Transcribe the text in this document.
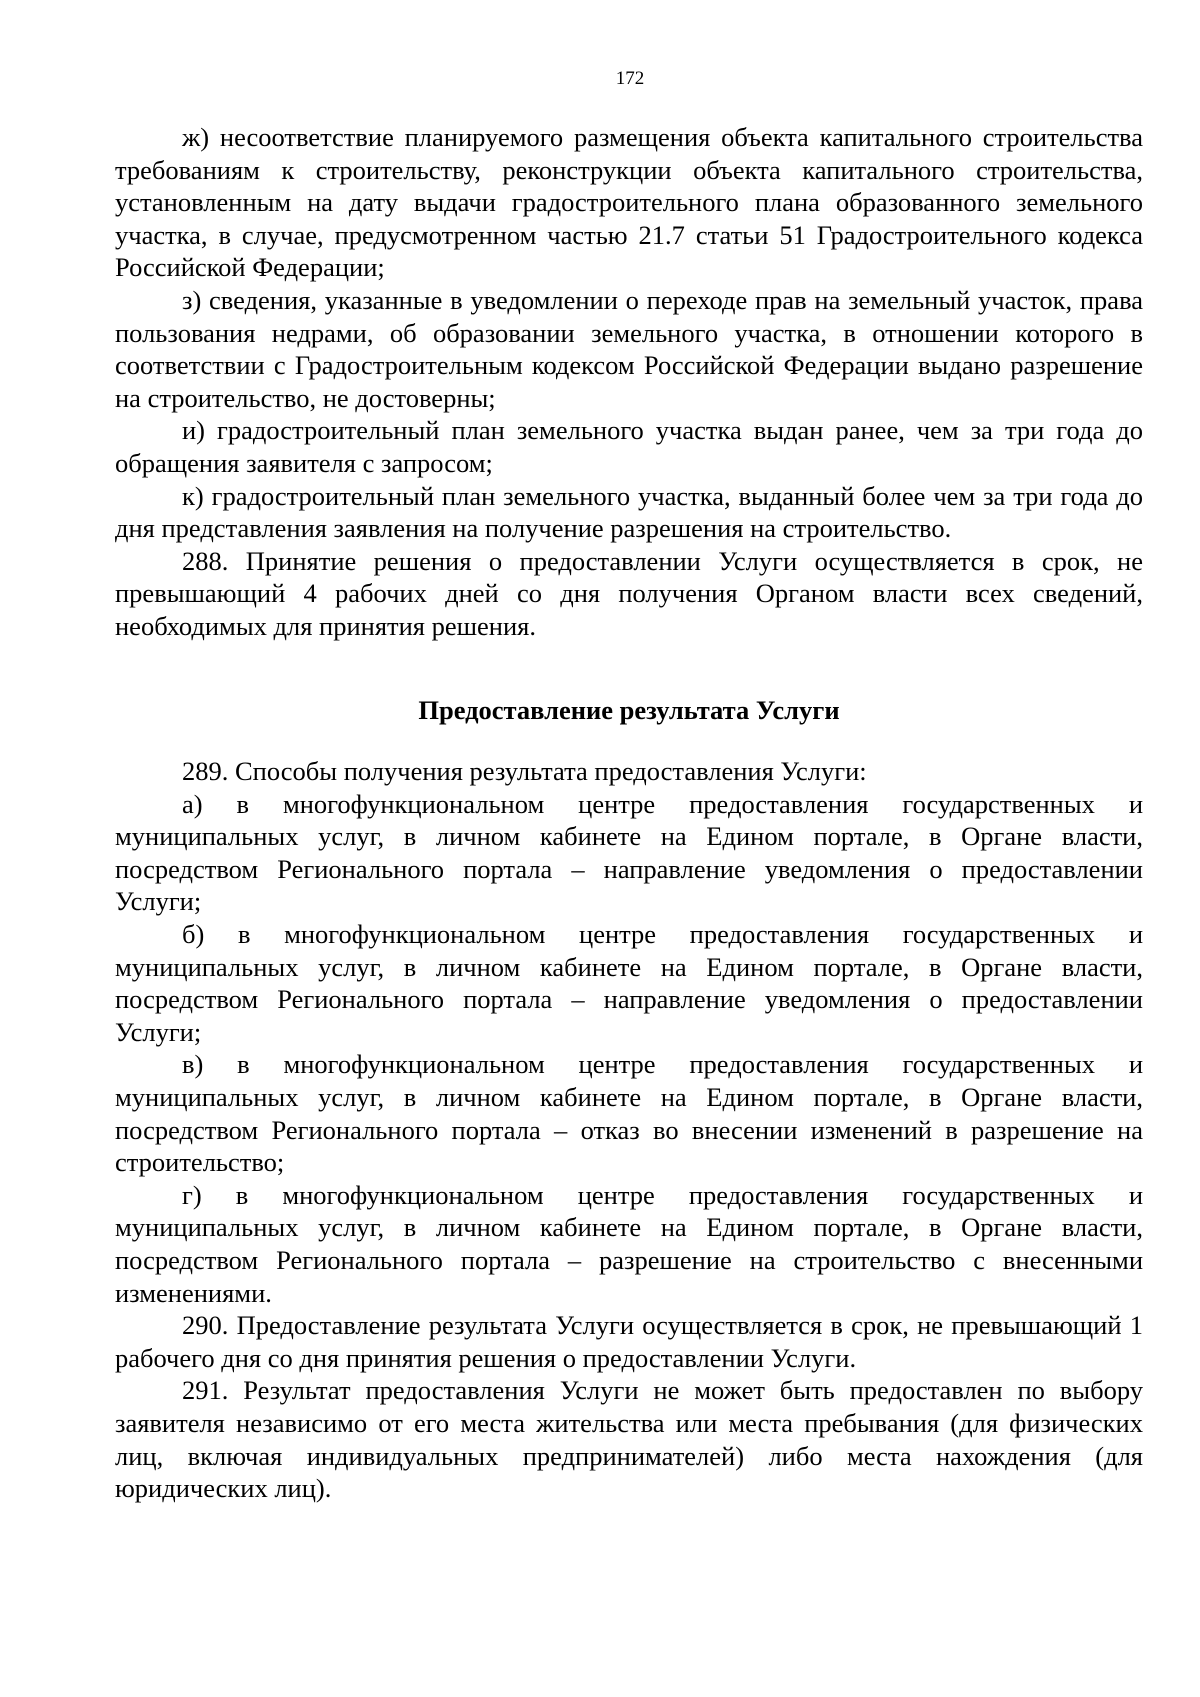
172

ж) несоответствие планируемого размещения объекта капитального строительства требованиям к строительству, реконструкции объекта капитального строительства, установленным на дату выдачи градостроительного плана образованного земельного участка, в случае, предусмотренном частью 21.7 статьи 51 Градостроительного кодекса Российской Федерации;

з) сведения, указанные в уведомлении о переходе прав на земельный участок, права пользования недрами, об образовании земельного участка, в отношении которого в соответствии с Градостроительным кодексом Российской Федерации выдано разрешение на строительство, не достоверны;

и) градостроительный план земельного участка выдан ранее, чем за три года до обращения заявителя с запросом;

к) градостроительный план земельного участка, выданный более чем за три года до дня представления заявления на получение разрешения на строительство.

288. Принятие решения о предоставлении Услуги осуществляется в срок, не превышающий 4 рабочих дней со дня получения Органом власти всех сведений, необходимых для принятия решения.

Предоставление результата Услуги

289. Способы получения результата предоставления Услуги:

а) в многофункциональном центре предоставления государственных и муниципальных услуг, в личном кабинете на Едином портале, в Органе власти, посредством Регионального портала – направление уведомления о предоставлении Услуги;

б) в многофункциональном центре предоставления государственных и муниципальных услуг, в личном кабинете на Едином портале, в Органе власти, посредством Регионального портала – направление уведомления о предоставлении Услуги;

в) в многофункциональном центре предоставления государственных и муниципальных услуг, в личном кабинете на Едином портале, в Органе власти, посредством Регионального портала – отказ во внесении изменений в разрешение на строительство;

г) в многофункциональном центре предоставления государственных и муниципальных услуг, в личном кабинете на Едином портале, в Органе власти, посредством Регионального портала – разрешение на строительство с внесенными изменениями.

290. Предоставление результата Услуги осуществляется в срок, не превышающий 1 рабочего дня со дня принятия решения о предоставлении Услуги.

291. Результат предоставления Услуги не может быть предоставлен по выбору заявителя независимо от его места жительства или места пребывания (для физических лиц, включая индивидуальных предпринимателей) либо места нахождения (для юридических лиц).
